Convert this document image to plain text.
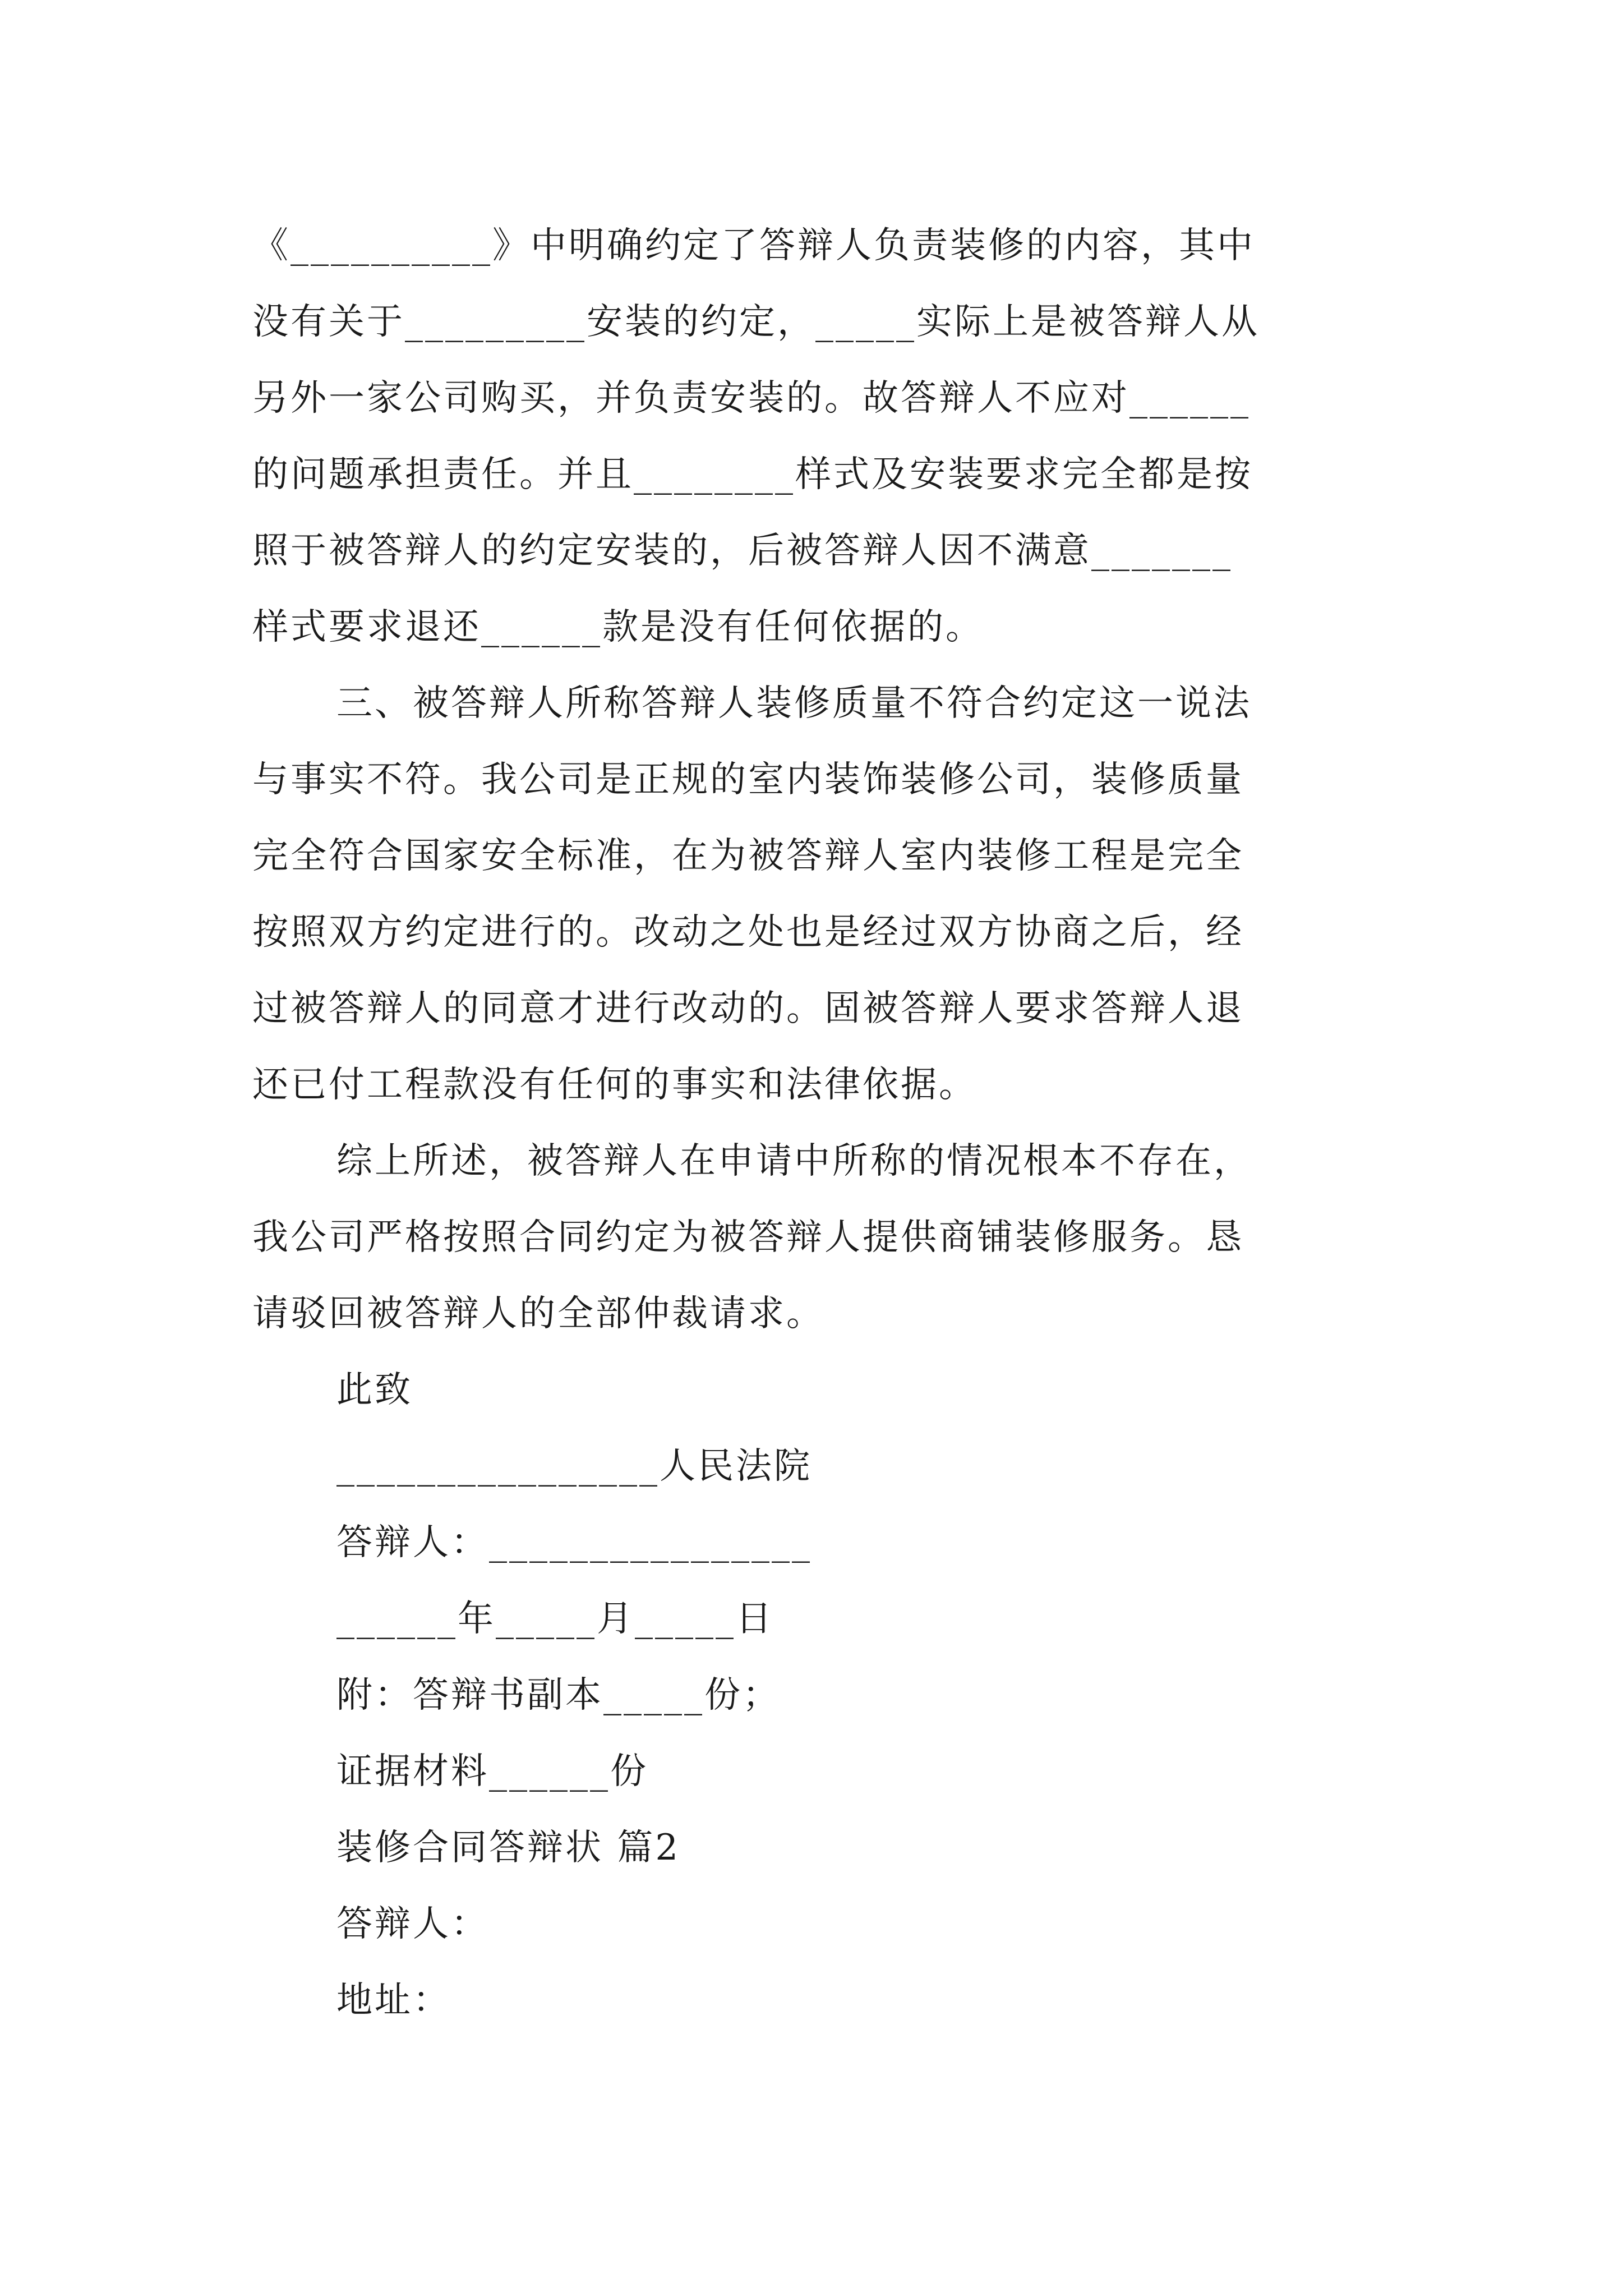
《__________》中明确约定了答辩人负责装修的内容，其中
没有关于_________安装的约定，_____实际上是被答辩人从
另外一家公司购买，并负责安装的。故答辩人不应对______
的问题承担责任。并且________样式及安装要求完全都是按
照于被答辩人的约定安装的，后被答辩人因不满意_______
样式要求退还______款是没有任何依据的。
三、被答辩人所称答辩人装修质量不符合约定这一说法
与事实不符。我公司是正规的室内装饰装修公司，装修质量
完全符合国家安全标准，在为被答辩人室内装修工程是完全
按照双方约定进行的。改动之处也是经过双方协商之后，经
过被答辩人的同意才进行改动的。固被答辩人要求答辩人退
还已付工程款没有任何的事实和法律依据。
综上所述，被答辩人在申请中所称的情况根本不存在，
我公司严格按照合同约定为被答辩人提供商铺装修服务。恳
请驳回被答辩人的全部仲裁请求。
此致
________________人民法院
答辩人：________________
______年_____月_____日
附：答辩书副本_____份；
证据材料______份
装修合同答辩状 篇2
答辩人：
地址：
